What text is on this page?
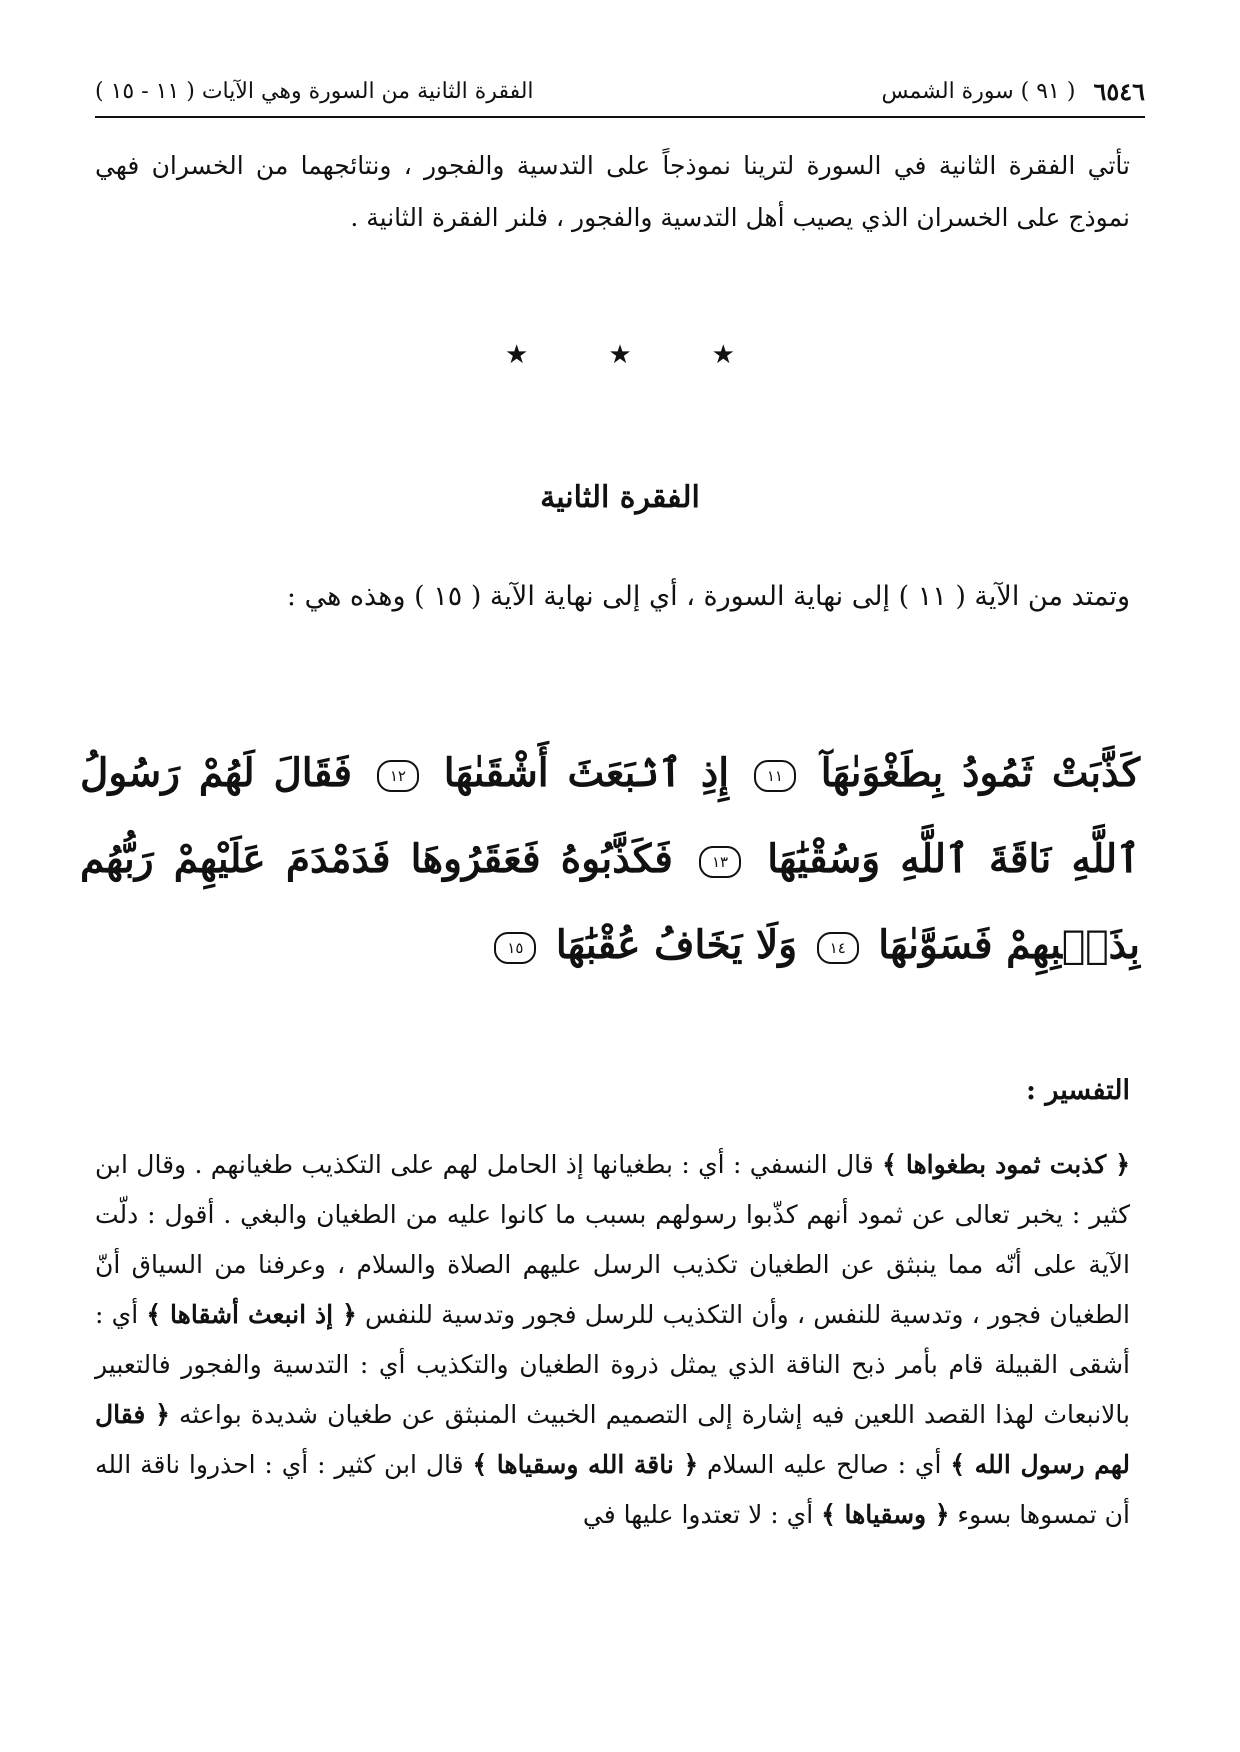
٦٥٤٦
( ٩١ ) سورة الشمس
الفقرة الثانية من السورة وهي الآيات ( ١١ - ١٥ )
تأتي الفقرة الثانية في السورة لترينا نموذجاً على التدسية والفجور ، ونتائجهما من الخسران فهي نموذج على الخسران الذي يصيب أهل التدسية والفجور ، فلنر الفقرة الثانية .
★	★	★
الفقرة الثانية
وتمتد من الآية ( ١١ ) إلى نهاية السورة ، أي إلى نهاية الآية ( ١٥ ) وهذه هي :
كَذَّبَتْ ثَمُودُ بِطَغْوَىٰهَآ ١١ إِذِ ٱنۢبَعَثَ أَشْقَىٰهَا ١٢ فَقَالَ لَهُمْ رَسُولُ ٱللَّهِ نَاقَةَ ٱللَّهِ وَسُقْيَٰهَا ١٣ فَكَذَّبُوهُ فَعَقَرُوهَا فَدَمْدَمَ عَلَيْهِمْ رَبُّهُم بِذَنۢبِهِمْ فَسَوَّىٰهَا ١٤ وَلَا يَخَافُ عُقْبَٰهَا ١٥
التفسير :
﴿ كذبت ثمود بطغواها ﴾ قال النسفي : أي : بطغيانها إذ الحامل لهم على التكذيب طغيانهم . وقال ابن كثير : يخبر تعالى عن ثمود أنهم كذّبوا رسولهم بسبب ما كانوا عليه من الطغيان والبغي . أقول : دلّت الآية على أنّه مما ينبثق عن الطغيان تكذيب الرسل عليهم الصلاة والسلام ، وعرفنا من السياق أنّ الطغيان فجور ، وتدسية للنفس ، وأن التكذيب للرسل فجور وتدسية للنفس ﴿ إذ انبعث أشقاها ﴾ أي : أشقى القبيلة قام بأمر ذبح الناقة الذي يمثل ذروة الطغيان والتكذيب أي : التدسية والفجور فالتعبير بالانبعاث لهذا القصد اللعين فيه إشارة إلى التصميم الخبيث المنبثق عن طغيان شديدة بواعثه ﴿ فقال لهم رسول الله ﴾ أي : صالح عليه السلام ﴿ ناقة الله وسقياها ﴾ قال ابن كثير : أي : احذروا ناقة الله أن تمسوها بسوء ﴿ وسقياها ﴾ أي : لا تعتدوا عليها في
